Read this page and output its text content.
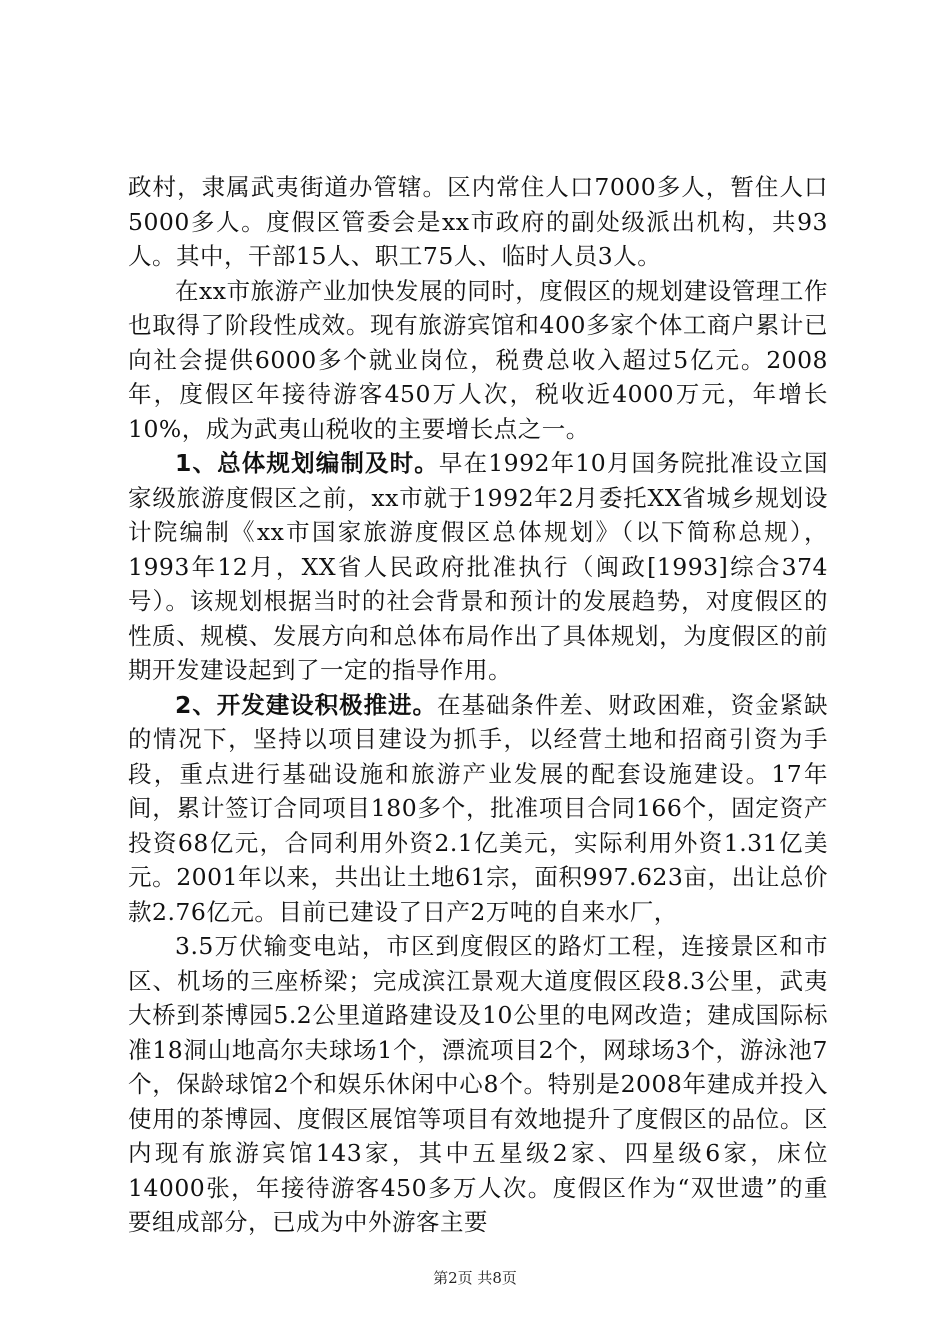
政村，隶属武夷街道办管辖。区内常住人口7000多人，暂住人口5000多人。度假区管委会是xx市政府的副处级派出机构，共93人。其中，干部15人、职工75人、临时人员3人。

在xx市旅游产业加快发展的同时，度假区的规划建设管理工作也取得了阶段性成效。现有旅游宾馆和400多家个体工商户累计已向社会提供6000多个就业岗位，税费总收入超过5亿元。2008年，度假区年接待游客450万人次，税收近4000万元，年增长10%，成为武夷山税收的主要增长点之一。

1、总体规划编制及时。早在1992年10月国务院批准设立国家级旅游度假区之前，xx市就于1992年2月委托XX省城乡规划设计院编制《xx市国家旅游度假区总体规划》（以下简称总规），1993年12月，XX省人民政府批准执行（闽政[1993]综合374号）。该规划根据当时的社会背景和预计的发展趋势，对度假区的性质、规模、发展方向和总体布局作出了具体规划，为度假区的前期开发建设起到了一定的指导作用。

2、开发建设积极推进。在基础条件差、财政困难，资金紧缺的情况下，坚持以项目建设为抓手，以经营土地和招商引资为手段，重点进行基础设施和旅游产业发展的配套设施建设。17年间，累计签订合同项目180多个，批准项目合同166个，固定资产投资68亿元，合同利用外资2.1亿美元，实际利用外资1.31亿美元。2001年以来，共出让土地61宗，面积997.623亩，出让总价款2.76亿元。目前已建设了日产2万吨的自来水厂，

3.5万伏输变电站，市区到度假区的路灯工程，连接景区和市区、机场的三座桥梁；完成滨江景观大道度假区段8.3公里，武夷大桥到茶博园5.2公里道路建设及10公里的电网改造；建成国际标准18洞山地高尔夫球场1个，漂流项目2个，网球场3个，游泳池7个，保龄球馆2个和娱乐休闲中心8个。特别是2008年建成并投入使用的茶博园、度假区展馆等项目有效地提升了度假区的品位。区内现有旅游宾馆143家，其中五星级2家、四星级6家，床位14000张，年接待游客450多万人次。度假区作为“双世遗”的重要组成部分，已成为中外游客主要

第2页 共8页
